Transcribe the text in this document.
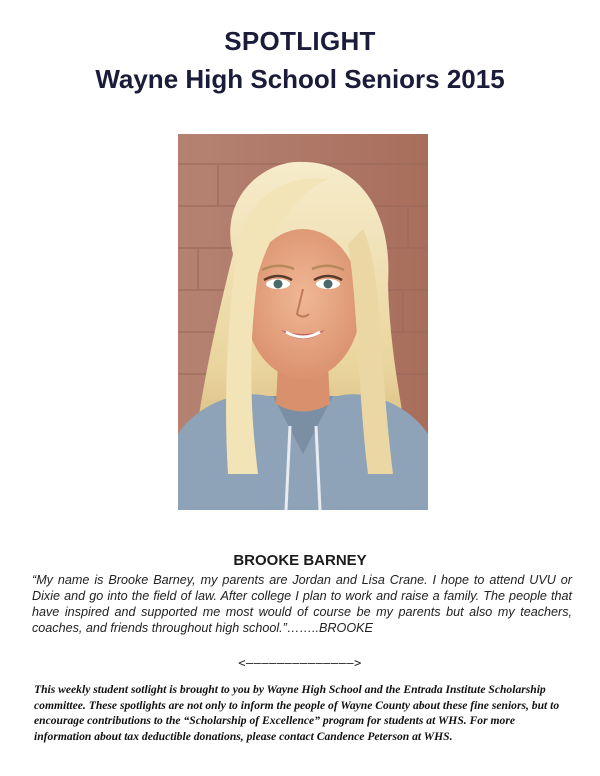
SPOTLIGHT
Wayne High School Seniors 2015
BROOKE BARNEY
“My name is Brooke Barney, my parents are Jordan and Lisa Crane. I hope to attend UVU or Dixie and go into the field of law. After college I plan to work and raise a family. The people that have inspired and supported me most would of course be my parents but also my teachers, coaches, and friends throughout high school.”……..BROOKE
<––––––––––––––>
This weekly student sotlight is brought to you by Wayne High School and the Entrada Institute Scholarship committee. These spotlights are not only to inform the people of Wayne County about these fine seniors, but to encourage contributions to the “Scholarship of Excellence” program for students at WHS. For more information about tax deductible donations, please contact Candence Peterson at WHS.
